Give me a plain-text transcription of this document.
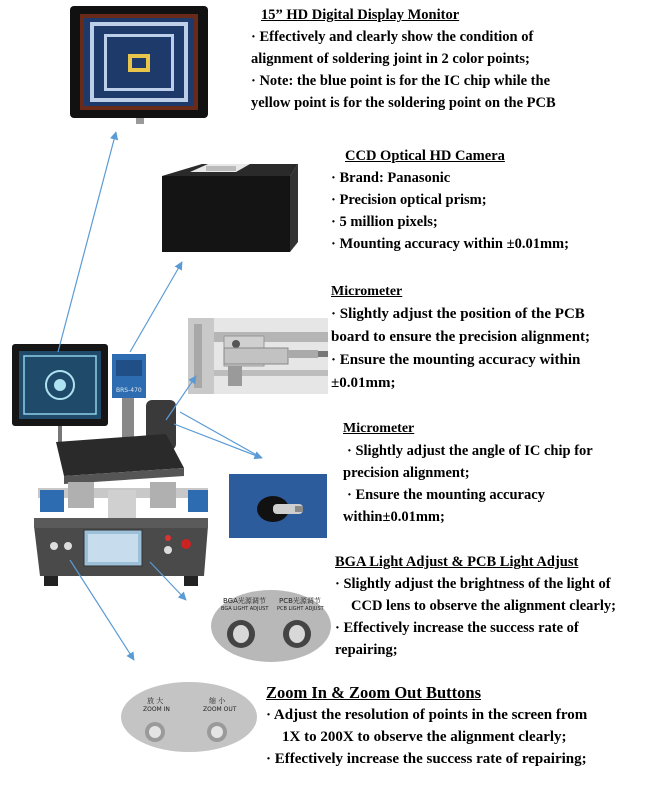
BGA光源调节 PCB光源调节
BGA LIGHT ADJUST PCB LIGHT ADJUST
放 大	缩 小
ZOOM IN	ZOOM OUT
BRS-470
15” HD Digital Display Monitor
· Effectively and clearly show the condition of
alignment of soldering joint in 2 color points;
· Note: the blue point is for the IC chip while the
yellow point is for the soldering point on the PCB
CCD Optical HD Camera
· Brand: Panasonic
· Precision optical prism;
· 5 million pixels;
· Mounting accuracy within ±0.01mm;
Micrometer
· Slightly adjust the position of the PCB
board to ensure the precision alignment;
· Ensure the mounting accuracy within
±0.01mm;
Micrometer
· Slightly adjust the angle of IC chip for
precision alignment;
· Ensure the mounting accuracy
within±0.01mm;
BGA Light Adjust & PCB Light Adjust
· Slightly adjust the brightness of the light of
CCD lens to observe the alignment clearly;
· Effectively increase the success rate of
repairing;
Zoom In & Zoom Out Buttons
· Adjust the resolution of points in the screen from
1X to 200X to observe the alignment clearly;
· Effectively increase the success rate of repairing;
